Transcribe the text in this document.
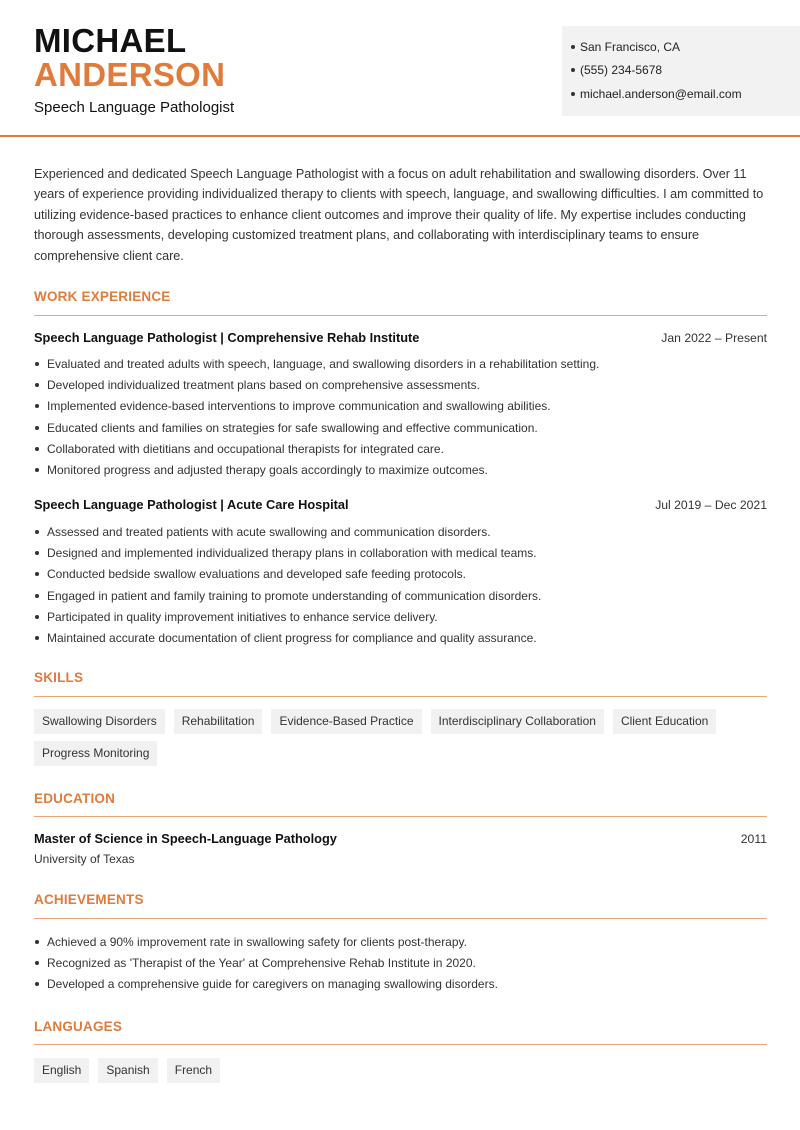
MICHAEL
ANDERSON
Speech Language Pathologist
San Francisco, CA
(555) 234-5678
michael.anderson@email.com

Experienced and dedicated Speech Language Pathologist with a focus on adult rehabilitation and swallowing disorders. Over 11 years of experience providing individualized therapy to clients with speech, language, and swallowing difficulties. I am committed to utilizing evidence-based practices to enhance client outcomes and improve their quality of life. My expertise includes conducting thorough assessments, developing customized treatment plans, and collaborating with interdisciplinary teams to ensure comprehensive client care.

WORK EXPERIENCE
Speech Language Pathologist | Comprehensive Rehab Institute	Jan 2022 – Present
Evaluated and treated adults with speech, language, and swallowing disorders in a rehabilitation setting.
Developed individualized treatment plans based on comprehensive assessments.
Implemented evidence-based interventions to improve communication and swallowing abilities.
Educated clients and families on strategies for safe swallowing and effective communication.
Collaborated with dietitians and occupational therapists for integrated care.
Monitored progress and adjusted therapy goals accordingly to maximize outcomes.
Speech Language Pathologist | Acute Care Hospital	Jul 2019 – Dec 2021
Assessed and treated patients with acute swallowing and communication disorders.
Designed and implemented individualized therapy plans in collaboration with medical teams.
Conducted bedside swallow evaluations and developed safe feeding protocols.
Engaged in patient and family training to promote understanding of communication disorders.
Participated in quality improvement initiatives to enhance service delivery.
Maintained accurate documentation of client progress for compliance and quality assurance.
SKILLS
Swallowing Disorders	Rehabilitation	Evidence-Based Practice	Interdisciplinary Collaboration	Client Education
Progress Monitoring
EDUCATION
Master of Science in Speech-Language Pathology	2011
University of Texas
ACHIEVEMENTS
Achieved a 90% improvement rate in swallowing safety for clients post-therapy.
Recognized as 'Therapist of the Year' at Comprehensive Rehab Institute in 2020.
Developed a comprehensive guide for caregivers on managing swallowing disorders.
LANGUAGES
English	Spanish	French
